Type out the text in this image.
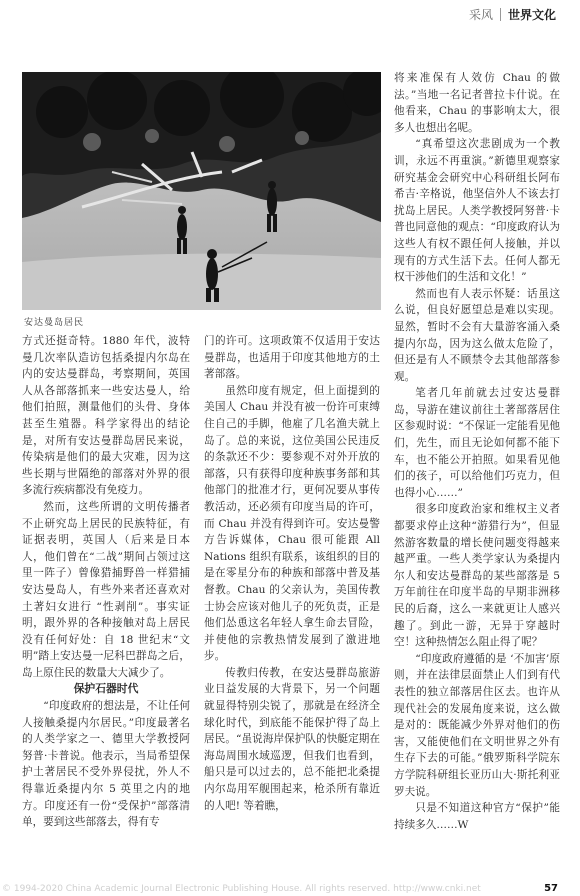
采风 世界文化
安达曼岛居民

方式还挺奇特。1880 年代，波特曼几次率队造访包括桑提内尔岛在内的安达曼群岛，考察期间，英国人从各部落抓来一些安达曼人，给他们拍照，测量他们的头骨、身体甚至生殖器。科学家得出的结论是，对所有安达曼群岛居民来说，传染病是他们的最大灾难，因为这些长期与世隔绝的部落对外界的很多流行疾病都没有免疫力。

然而，这些所谓的文明传播者不止研究岛上居民的民族特征，有证据表明，英国人（后来是日本人，他们曾在“二战”期间占领过这里一阵子）曾像猎捕野兽一样猎捕安达曼岛人，有些外来者还喜欢对土著妇女进行 “性剥削”。事实证明，跟外界的各种接触对岛上居民没有任何好处：自 18 世纪末“文明”踏上安达曼一尼科巴群岛之后，岛上原住民的数量大大减少了。

保护石器时代

“印度政府的想法是，不让任何人接触桑提内尔居民。”印度最著名的人类学家之一、德里大学教授阿努普·卡普说。他表示，当局希望保护土著居民不受外界侵扰，外人不得靠近桑提内尔 5 英里之内的地方。印度还有一份“受保护”部落清单，要到这些部落去，得有专

门的许可。这项政策不仅适用于安达曼群岛，也适用于印度其他地方的土著部落。

虽然印度有规定，但上面提到的美国人 Chau 并没有被一份许可束缚住自己的手脚，他雇了几名渔夫就上岛了。总的来说，这位美国公民违反的条款还不少：要参观不对外开放的部落，只有获得印度种族事务部和其他部门的批准才行，更何况要从事传教活动，还必须有印度当局的许可，而 Chau 并没有得到许可。安达曼警方告诉媒体，Chau 很可能跟 All Nations 组织有联系，该组织的目的是在零星分布的种族和部落中普及基督教。Chau 的父亲认为，美国传教士协会应该对他儿子的死负责，正是他们怂恿这名年轻人拿生命去冒险，并使他的宗教热情发展到了激进地步。

传教归传教，在安达曼群岛旅游业日益发展的大背景下，另一个问题就显得特别尖锐了，那就是在经济全球化时代，到底能不能保护得了岛上居民。“虽说海岸保护队的快艇定期在海岛周围水域巡逻，但我们也看到，船只是可以过去的，总不能把北桑提内尔岛用军舰围起来，枪杀所有靠近的人吧! 等着瞧，

将来准保有人效仿 Chau 的做法。”当地一名记者普拉卡什说。在他看来，Chau 的事影响太大，很多人也想出名呢。

“真希望这次悲剧成为一个教训，永远不再重演。”新德里观察家研究基金会研究中心科研组长阿布希吉·辛格说，他坚信外人不该去打扰岛上居民。人类学教授阿努普·卡普也同意他的观点：“印度政府认为这些人有权不跟任何人接触，并以现有的方式生活下去。任何人都无权干涉他们的生活和文化！”

然而也有人表示怀疑：话虽这么说，但良好愿望总是难以实现。显然，暂时不会有大量游客涌入桑提内尔岛，因为这么做太危险了，但还是有人不顾禁令去其他部落参观。

笔者几年前就去过安达曼群岛，导游在建议前往土著部落居住区参观时说：“不保证一定能看见他们，先生，而且无论如何都不能下车，也不能公开拍照。如果看见他们的孩子，可以给他们巧克力，但也得小心……”

很多印度政治家和维权主义者都要求停止这种“游猎行为”，但显然游客数量的增长使问题变得越来越严重。一些人类学家认为桑提内尔人和安达曼群岛的某些部落是 5 万年前往在印度半岛的早期非洲移民的后裔，这么一来就更让人感兴趣了。到此一游，无异于穿越时空！这种热情怎么阻止得了呢？

“印度政府遵循的是 ‘不加害’原则，并在法律层面禁止人们到有代表性的独立部落居住区去。也许从现代社会的发展角度来说，这么做是对的：既能减少外界对他们的伤害，又能使他们在文明世界之外有生存下去的可能。”俄罗斯科学院东方学院科研组长亚历山大·斯托利亚罗夫说。

只是不知道这种官方“保护”能持续多久……W

© 1994-2020 China Academic Journal Electronic Publishing House. All rights reserved. http://www.cnki.net	57
